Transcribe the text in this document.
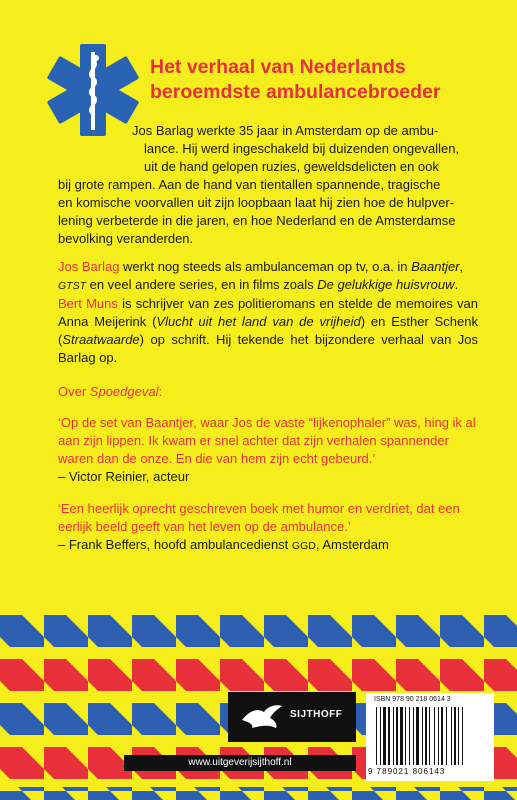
Het verhaal van Nederlands
beroemdste ambulancebroeder
Jos Barlag werkte 35 jaar in Amsterdam op de ambu-
lance. Hij werd ingeschakeld bij duizenden ongevallen,
uit de hand gelopen ruzies, geweldsdelicten en ook
bij grote rampen. Aan de hand van tientallen spannende, tragische
en komische voorvallen uit zijn loopbaan laat hij zien hoe de hulpver-
lening verbeterde in die jaren, en hoe Nederland en de Amsterdamse
bevolking veranderden.
Jos Barlag werkt nog steeds als ambulanceman op tv, o.a. in Baantjer,
GTST en veel andere series, en in films zoals De gelukkige huisvrouw.
Bert Muns is schrijver van zes politieromans en stelde de memoires van Anna Meijerink (Vlucht uit het land van de vrijheid) en Esther Schenk (Straatwaarde) op schrift. Hij tekende het bijzondere verhaal van Jos Barlag op.
Over Spoedgeval:
‘Op de set van Baantjer, waar Jos de vaste “lijkenophaler” was, hing ik al aan zijn lippen. Ik kwam er snel achter dat zijn verhalen spannender waren dan de onze. En die van hem zijn echt gebeurd.’
– Victor Reinier, acteur
‘Een heerlijk oprecht geschreven boek met humor en verdriet, dat een eerlijk beeld geeft van het leven op de ambulance.’
– Frank Beffers, hoofd ambulancedienst GGD, Amsterdam
SIJTHOFF
www.uitgeverijsijthoff.nl
ISBN 978 90 218 0614 3
9 789021 806143
